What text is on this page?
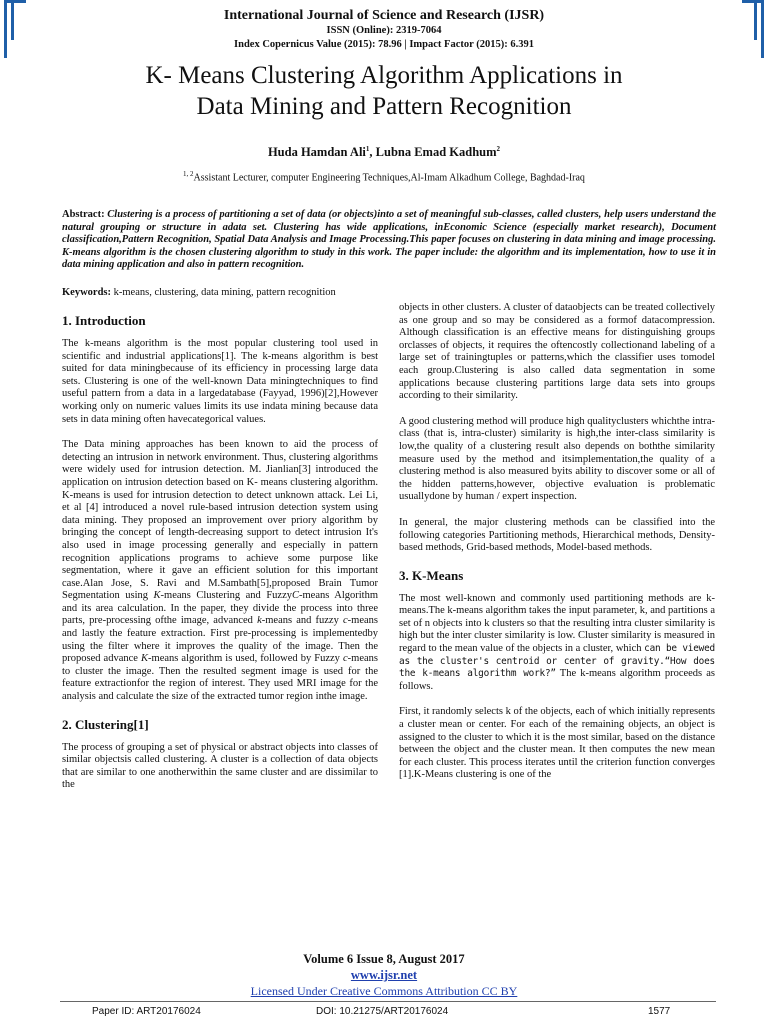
International Journal of Science and Research (IJSR)
ISSN (Online): 2319-7064
Index Copernicus Value (2015): 78.96 | Impact Factor (2015): 6.391
K- Means Clustering Algorithm Applications in
Data Mining and Pattern Recognition
Huda Hamdan Ali$^1$, Lubna Emad Kadhum$^2$
$^{1, 2}$Assistant Lecturer, computer Engineering Techniques,Al-Imam Alkadhum College, Baghdad-Iraq
Abstract: Clustering is a process of partitioning a set of data (or objects)into a set of meaningful sub-classes, called clusters, help users understand the natural grouping or structure in adata set. Clustering has wide applications, inEconomic Science (especially market research), Document classification,Pattern Recognition, Spatial Data Analysis and Image Processing.This paper focuses on clustering in data mining and image processing. K-means algorithm is the chosen clustering algorithm to study in this work. The paper include: the algorithm and its implementation, how to use it in data mining application and also in pattern recognition.
Keywords: k-means, clustering, data mining, pattern recognition
1. Introduction

The k-means algorithm is the most popular clustering tool used in scientific and industrial applications[1]. The k-means algorithm is best suited for data miningbecause of its efficiency in processing large data sets. Clustering is one of the well-known Data miningtechniques to find useful pattern from a data in a largedatabase (Fayyad, 1996)[2],However working only on numeric values limits its use indata mining because data sets in data mining often havecategorical values.

The Data mining approaches has been known to aid the process of detecting an intrusion in network environment. Thus, clustering algorithms were widely used for intrusion detection. M. Jianlian[3] introduced the application on intrusion detection based on K- means clustering algorithm. K-means is used for intrusion detection to detect unknown attack. Lei Li, et al [4] introduced a novel rule-based intrusion detection system using data mining. They proposed an improvement over priory algorithm by bringing the concept of length-decreasing support to detect intrusion It's also used in image processing generally and especially in pattern recognition applications programs to achieve some purpose like segmentation, where it gave an efficient solution for this important case.Alan Jose, S. Ravi and M.Sambath[5],proposed Brain Tumor Segmentation using K-means Clustering and FuzzyC-means Algorithm and its area calculation. In the paper, they divide the process into three parts, pre-processing ofthe image, advanced k-means and fuzzy c-means and lastly the feature extraction. First pre-processing is implementedby using the filter where it improves the quality of the image. Then the proposed advance K-means algorithm is used, followed by Fuzzy c-means to cluster the image. Then the resulted segment image is used for the feature extractionfor the region of interest. They used MRI image for the analysis and calculate the size of the extracted tumor region inthe image.

2. Clustering[1]

The process of grouping a set of physical or abstract objects into classes of similar objectsis called clustering. A cluster is a collection of data objects that are similar to one anotherwithin the same cluster and are dissimilar to the

objects in other clusters. A cluster of dataobjects can be treated collectively as one group and so may be considered as a formof datacompression. Although classification is an effective means for distinguishing groups orclasses of objects, it requires the oftencostly collectionand labeling of a large set of trainingtuples or patterns,which the classifier uses tomodel each group.Clustering is also called data segmentation in some applications because clustering partitions large data sets into groups according to their similarity.

A good clustering method will produce high qualityclusters whichthe intra-class (that is, intra-cluster) similarity is high,the inter-class similarity is low,the quality of a clustering result also depends on boththe similarity measure used by the method and itsimplementation,the quality of a clustering method is also measured byits ability to discover some or all of the hidden patterns,however, objective evaluation is problematic usuallydone by human / expert inspection.

In general, the major clustering methods can be classified into the following categories Partitioning methods, Hierarchical methods, Density-based methods, Grid-based methods, Model-based methods.

3. K-Means

The most well-known and commonly used partitioning methods are k-means.The k-means algorithm takes the input parameter, k, and partitions a set of n objects into k clusters so that the resulting intra cluster similarity is high but the inter cluster similarity is low. Cluster similarity is measured in regard to the mean value of the objects in a cluster, which can be viewed as the cluster's centroid or center of gravity.“How does the k-means algorithm work?” The k-means algorithm proceeds as follows.

First, it randomly selects k of the objects, each of which initially represents a cluster mean or center. For each of the remaining objects, an object is assigned to the cluster to which it is the most similar, based on the distance between the object and the cluster mean. It then computes the new mean for each cluster. This process iterates until the criterion function converges [1].K-Means clustering is one of the

Volume 6 Issue 8, August 2017
www.ijsr.net
Licensed Under Creative Commons Attribution CC BY
Paper ID: ART20176024	DOI: 10.21275/ART20176024	1577
